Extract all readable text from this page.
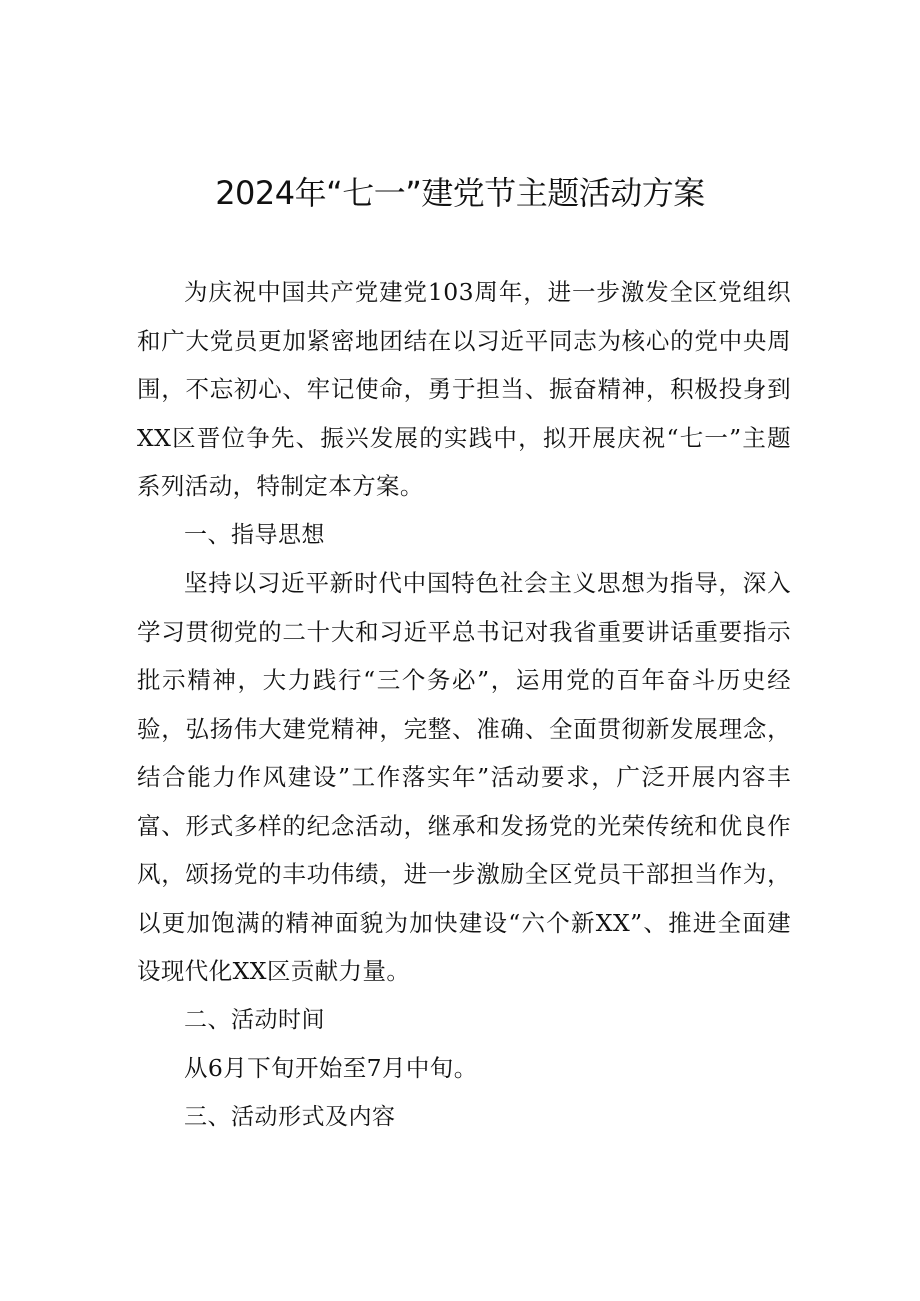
2024年“七一”建党节主题活动方案

为庆祝中国共产党建党103周年，进一步激发全区党组织和广大党员更加紧密地团结在以习近平同志为核心的党中央周围，不忘初心、牢记使命，勇于担当、振奋精神，积极投身到XX区晋位争先、振兴发展的实践中，拟开展庆祝“七一”主题系列活动，特制定本方案。

一、指导思想

坚持以习近平新时代中国特色社会主义思想为指导，深入学习贯彻党的二十大和习近平总书记对我省重要讲话重要指示批示精神，大力践行“三个务必”，运用党的百年奋斗历史经验，弘扬伟大建党精神，完整、准确、全面贯彻新发展理念，结合能力作风建设”工作落实年”活动要求，广泛开展内容丰富、形式多样的纪念活动，继承和发扬党的光荣传统和优良作风，颂扬党的丰功伟绩，进一步激励全区党员干部担当作为，以更加饱满的精神面貌为加快建设“六个新XX”、推进全面建设现代化XX区贡献力量。

二、活动时间

从6月下旬开始至7月中旬。

三、活动形式及内容
